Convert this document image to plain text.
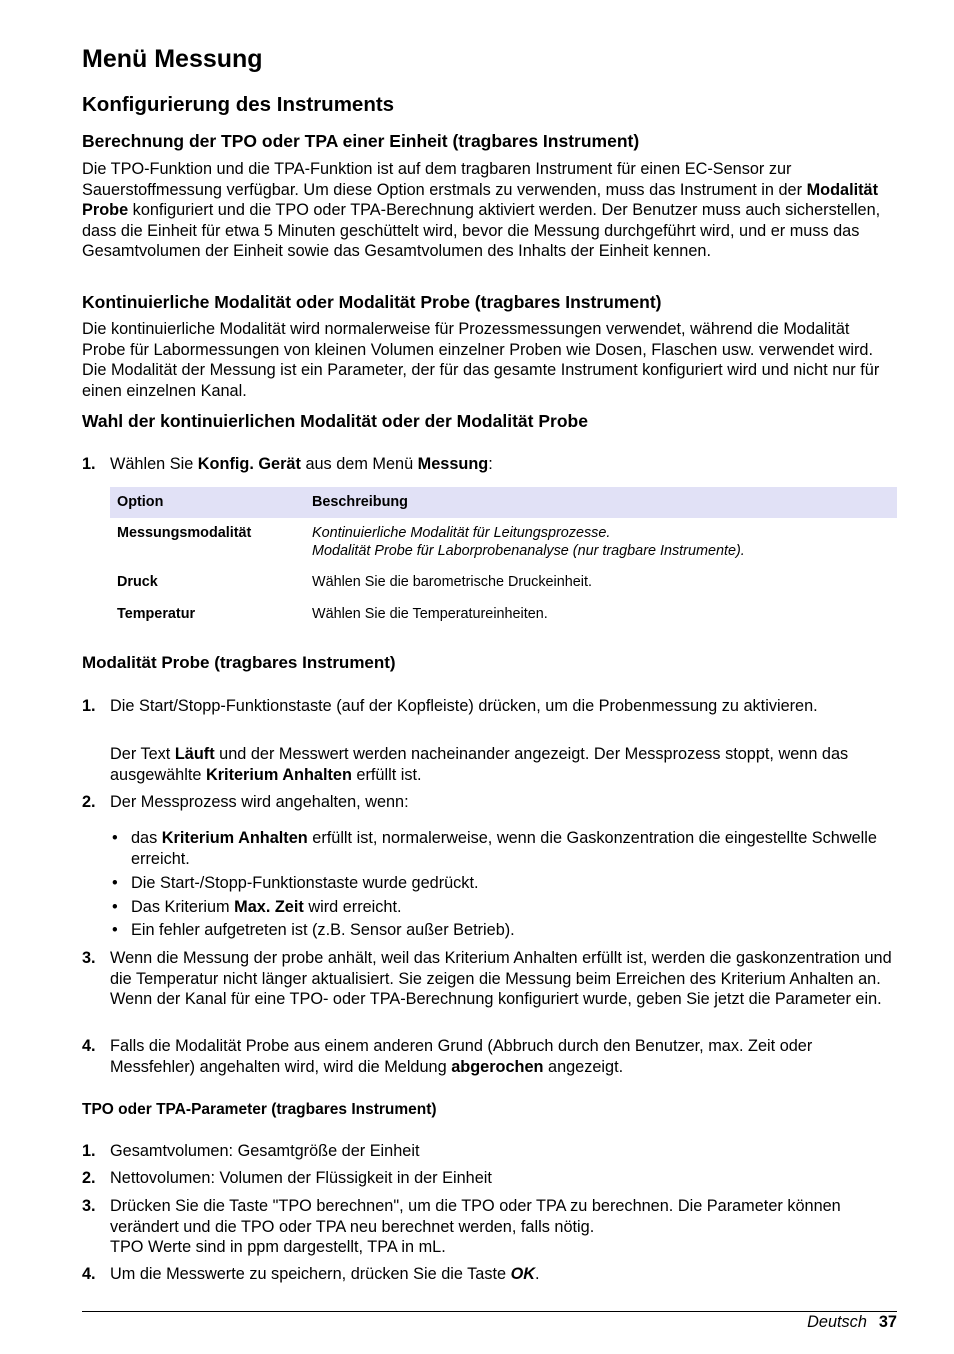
Menü Messung
Konfigurierung des Instruments
Berechnung der TPO oder TPA einer Einheit (tragbares Instrument)

Die TPO-Funktion und die TPA-Funktion ist auf dem tragbaren Instrument für einen EC-Sensor zur Sauerstoffmessung verfügbar. Um diese Option erstmals zu verwenden, muss das Instrument in der Modalität Probe konfiguriert und die TPO oder TPA-Berechnung aktiviert werden. Der Benutzer muss auch sicherstellen, dass die Einheit für etwa 5 Minuten geschüttelt wird, bevor die Messung durchgeführt wird, und er muss das Gesamtvolumen der Einheit sowie das Gesamtvolumen des Inhalts der Einheit kennen.

Kontinuierliche Modalität oder Modalität Probe (tragbares Instrument)

Die kontinuierliche Modalität wird normalerweise für Prozessmessungen verwendet, während die Modalität Probe für Labormessungen von kleinen Volumen einzelner Proben wie Dosen, Flaschen usw. verwendet wird. Die Modalität der Messung ist ein Parameter, der für das gesamte Instrument konfiguriert wird und nicht nur für einen einzelnen Kanal.

Wahl der kontinuierlichen Modalität oder der Modalität Probe
1. Wählen Sie Konfig. Gerät aus dem Menü Messung:
Option	Beschreibung
Messungsmodalität	Kontinuierliche Modalität für Leitungsprozesse.
Modalität Probe für Laborprobenanalyse (nur tragbare Instrumente).
Druck	Wählen Sie die barometrische Druckeinheit.
Temperatur	Wählen Sie die Temperatureinheiten.
Modalität Probe (tragbares Instrument)
1. Die Start/Stopp-Funktionstaste (auf der Kopfleiste) drücken, um die Probenmessung zu aktivieren.
Der Text Läuft und der Messwert werden nacheinander angezeigt. Der Messprozess stoppt, wenn das ausgewählte Kriterium Anhalten erfüllt ist.
2. Der Messprozess wird angehalten, wenn:
• das Kriterium Anhalten erfüllt ist, normalerweise, wenn die Gaskonzentration die eingestellte Schwelle erreicht.
• Die Start-/Stopp-Funktionstaste wurde gedrückt.
• Das Kriterium Max. Zeit wird erreicht.
• Ein fehler aufgetreten ist (z.B. Sensor außer Betrieb).
3. Wenn die Messung der probe anhält, weil das Kriterium Anhalten erfüllt ist, werden die gaskonzentration und die Temperatur nicht länger aktualisiert. Sie zeigen die Messung beim Erreichen des Kriterium Anhalten an. Wenn der Kanal für eine TPO- oder TPA-Berechnung konfiguriert wurde, geben Sie jetzt die Parameter ein.
4. Falls die Modalität Probe aus einem anderen Grund (Abbruch durch den Benutzer, max. Zeit oder Messfehler) angehalten wird, wird die Meldung abgerochen angezeigt.
TPO oder TPA-Parameter (tragbares Instrument)
1. Gesamtvolumen: Gesamtgröße der Einheit
2. Nettovolumen: Volumen der Flüssigkeit in der Einheit
3. Drücken Sie die Taste "TPO berechnen", um die TPO oder TPA zu berechnen. Die Parameter können verändert und die TPO oder TPA neu berechnet werden, falls nötig.
TPO Werte sind in ppm dargestellt, TPA in mL.
4. Um die Messwerte zu speichern, drücken Sie die Taste OK.
Deutsch 37
